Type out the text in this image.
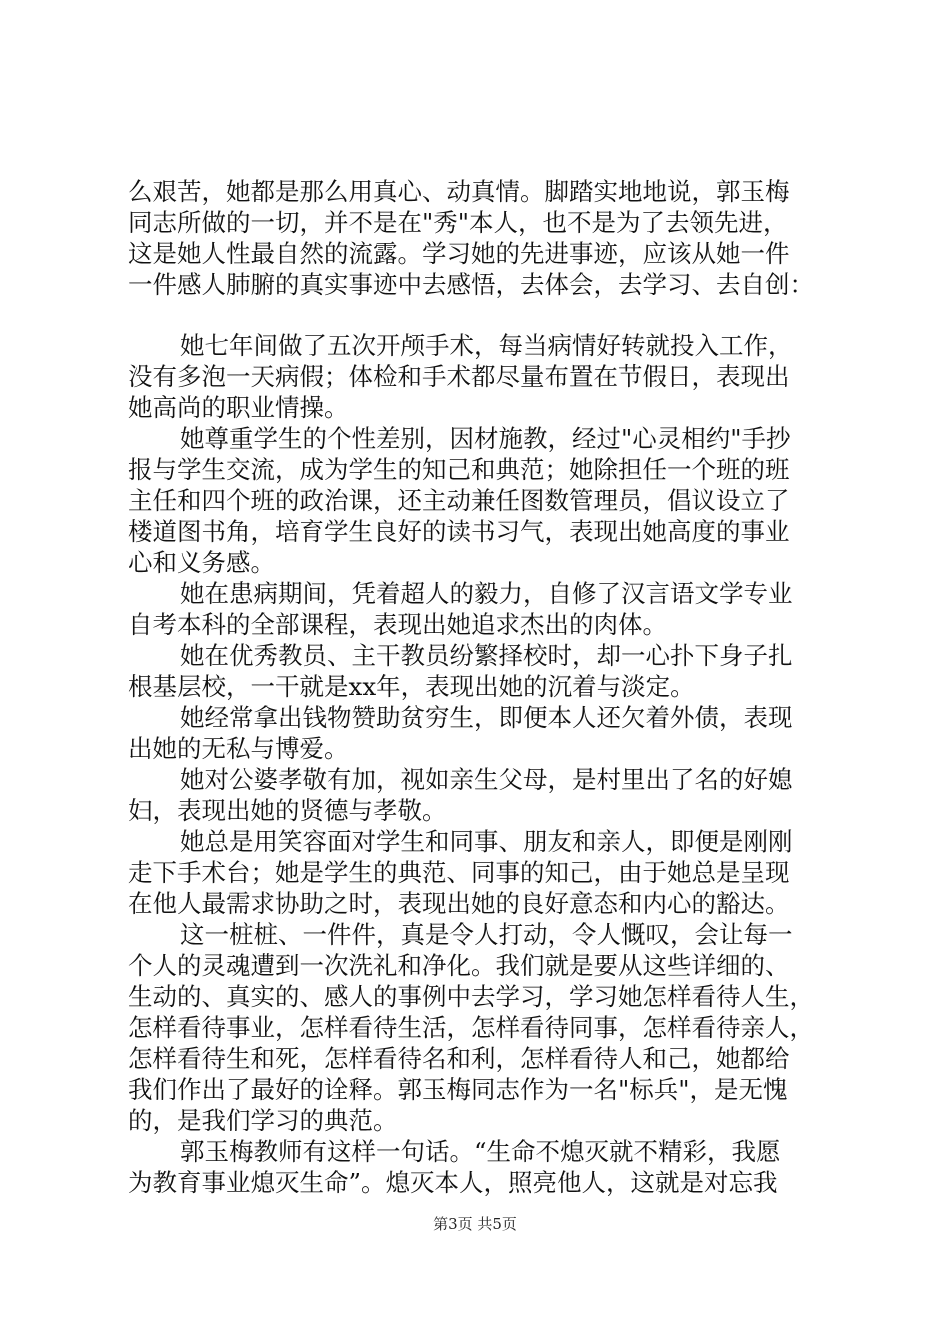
么艰苦，她都是那么用真心、动真情。脚踏实地地说，郭玉梅
同志所做的一切，并不是在"秀"本人，也不是为了去领先进，
这是她人性最自然的流露。学习她的先进事迹，应该从她一件
一件感人肺腑的真实事迹中去感悟，去体会，去学习、去自创：
她七年间做了五次开颅手术，每当病情好转就投入工作，
没有多泡一天病假；体检和手术都尽量布置在节假日，表现出
她高尚的职业情操。
她尊重学生的个性差别，因材施教，经过"心灵相约"手抄
报与学生交流，成为学生的知己和典范；她除担任一个班的班
主任和四个班的政治课，还主动兼任图数管理员，倡议设立了
楼道图书角，培育学生良好的读书习气，表现出她高度的事业
心和义务感。
她在患病期间，凭着超人的毅力，自修了汉言语文学专业
自考本科的全部课程，表现出她追求杰出的肉体。
她在优秀教员、主干教员纷繁择校时，却一心扑下身子扎
根基层校，一干就是xx年，表现出她的沉着与淡定。
她经常拿出钱物赞助贫穷生，即便本人还欠着外债，表现
出她的无私与博爱。
她对公婆孝敬有加，视如亲生父母，是村里出了名的好媳
妇，表现出她的贤德与孝敬。
她总是用笑容面对学生和同事、朋友和亲人，即便是刚刚
走下手术台；她是学生的典范、同事的知己，由于她总是呈现
在他人最需求协助之时，表现出她的良好意态和内心的豁达。
这一桩桩、一件件，真是令人打动，令人慨叹，会让每一
个人的灵魂遭到一次洗礼和净化。我们就是要从这些详细的、
生动的、真实的、感人的事例中去学习，学习她怎样看待人生，
怎样看待事业，怎样看待生活，怎样看待同事，怎样看待亲人，
怎样看待生和死，怎样看待名和利，怎样看待人和己，她都给
我们作出了最好的诠释。郭玉梅同志作为一名"标兵"，是无愧
的，是我们学习的典范。
郭玉梅教师有这样一句话。“生命不熄灭就不精彩，我愿
为教育事业熄灭生命”。熄灭本人，照亮他人，这就是对忘我
第3页 共5页
